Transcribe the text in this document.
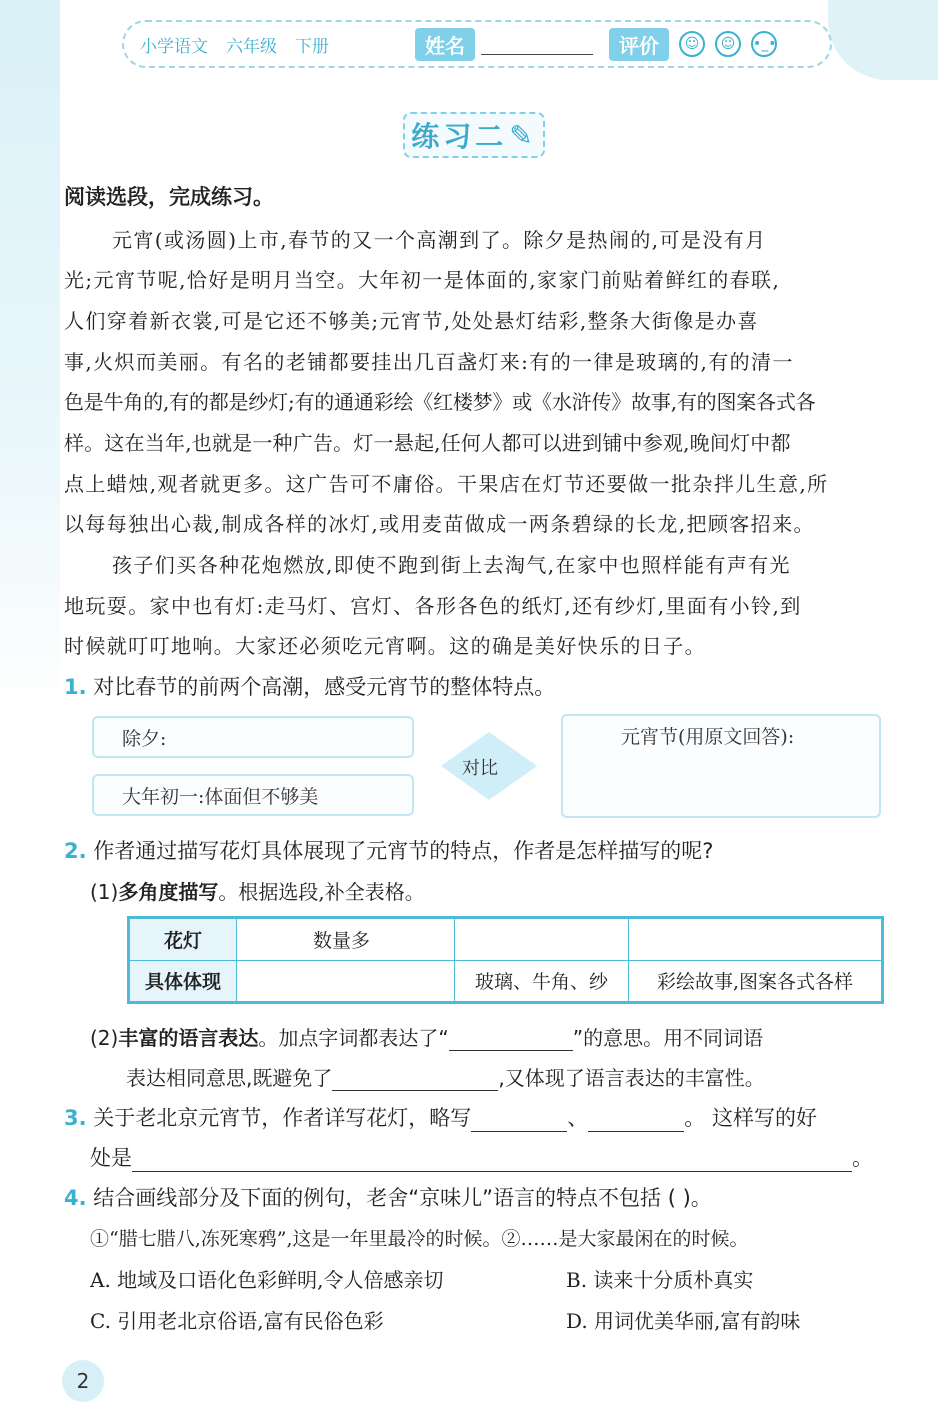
小学语文 六年级 下册	姓名	评价	☺	☺	•_•
练习二 ✎
阅读选段，完成练习。
元宵(或汤圆)上市,春节的又一个高潮到了。除夕是热闹的,可是没有月
光;元宵节呢,恰好是明月当空。大年初一是体面的,家家门前贴着鲜红的春联,
人们穿着新衣裳,可是它还不够美;元宵节,处处悬灯结彩,整条大街像是办喜
事,火炽而美丽。有名的老铺都要挂出几百盏灯来:有的一律是玻璃的,有的清一
色是牛角的,有的都是纱灯;有的通通彩绘《红楼梦》或《水浒传》故事,有的图案各式各
样。这在当年,也就是一种广告。灯一悬起,任何人都可以进到铺中参观,晚间灯中都
点上蜡烛,观者就更多。这广告可不庸俗。干果店在灯节还要做一批杂拌儿生意,所
以每每独出心裁,制成各样的冰灯,或用麦苗做成一两条碧绿的长龙,把顾客招来。
孩子们买各种花炮燃放,即使不跑到街上去淘气,在家中也照样能有声有光
地玩耍。家中也有灯:走马灯、宫灯、各形各色的纸灯,还有纱灯,里面有小铃,到
时候就叮叮地响。大家还必须吃元宵啊。这的确是美好快乐的日子。
1. 对比春节的前两个高潮，感受元宵节的整体特点。
除夕:
大年初一:体面但不够美
对比
元宵节(用原文回答):
2. 作者通过描写花灯具体展现了元宵节的特点，作者是怎样描写的呢?
(1)多角度描写。根据选段,补全表格。
花灯	数量多		
具体体现		玻璃、牛角、纱	彩绘故事,图案各式各样
(2)丰富的语言表达。加点字词都表达了“	”的意思。用不同词语
表达相同意思,既避免了	,又体现了语言表达的丰富性。
3. 关于老北京元宵节，作者详写花灯，略写	、	。 这样写的好
处是	。
4. 结合画线部分及下面的例句，老舍“京味儿”语言的特点不包括 ( )。
①“腊七腊八,冻死寒鸦”,这是一年里最冷的时候。②……是大家最闲在的时候。
A. 地域及口语化色彩鲜明,令人倍感亲切	B. 读来十分质朴真实
C. 引用老北京俗语,富有民俗色彩	D. 用词优美华丽,富有韵味
2
